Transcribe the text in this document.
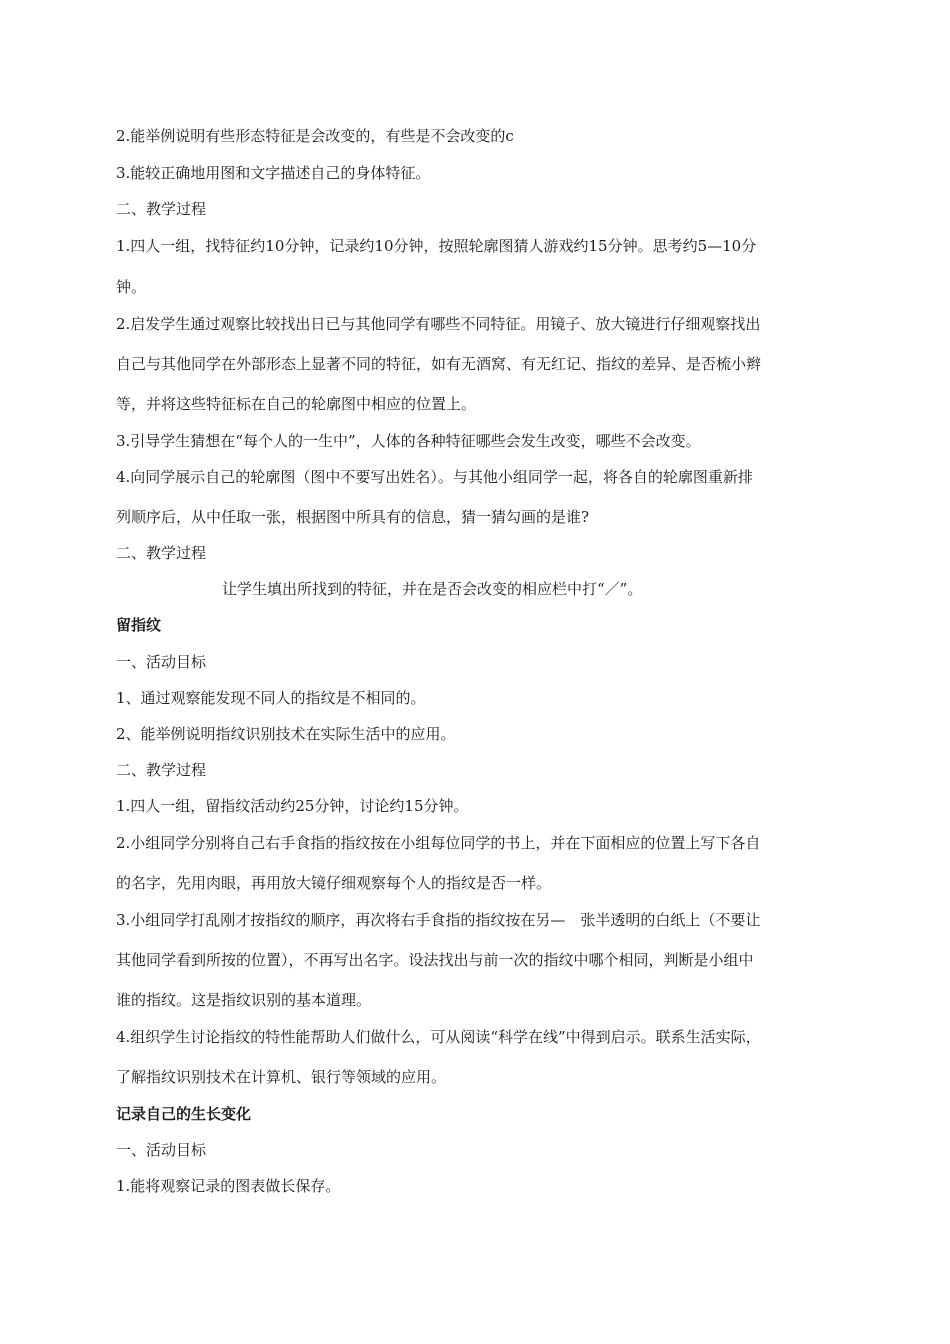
2.能举例说明有些形态特征是会改变的，有些是不会改变的c
3.能较正确地用图和文字描述自己的身体特征。
二、教学过程
1.四人一组，找特征约10分钟，记录约10分钟，按照轮廓图猜人游戏约15分钟。思考约5—10分
钟。
2.启发学生通过观察比较找出日已与其他同学有哪些不同特征。用镜子、放大镜进行仔细观察找出
自己与其他同学在外部形态上显著不同的特征，如有无酒窝、有无红记、指纹的差异、是否梳小辫
等，并将这些特征标在自己的轮廓图中相应的位置上。
3.引导学生猜想在“每个人的一生中”，人体的各种特征哪些会发生改变，哪些不会改变。
4.向同学展示自己的轮廓图（图中不要写出姓名）。与其他小组同学一起，将各自的轮廓图重新排
列顺序后，从中任取一张，根据图中所具有的信息，猜一猜勾画的是谁?
二、教学过程
让学生填出所找到的特征，并在是否会改变的相应栏中打“／”。
留指纹
一、活动目标
1、通过观察能发现不同人的指纹是不相同的。
2、能举例说明指纹识别技术在实际生活中的应用。
二、教学过程
1.四人一组，留指纹活动约25分钟，讨论约15分钟。
2.小组同学分别将自己右手食指的指纹按在小组每位同学的书上，并在下面相应的位置上写下各自
的名字，先用肉眼，再用放大镜仔细观察每个人的指纹是否一样。
3.小组同学打乱刚才按指纹的顺序，再次将右手食指的指纹按在另—　张半透明的白纸上（不要让
其他同学看到所按的位置），不再写出名字。设法找出与前一次的指纹中哪个相同，判断是小组中
谁的指纹。这是指纹识别的基本道理。
4.组织学生讨论指纹的特性能帮助人们做什么，可从阅读“科学在线”中得到启示。联系生活实际，
了解指纹识别技术在计算机、银行等领域的应用。
记录自己的生长变化
一、活动目标
1.能将观察记录的图表做长保存。
